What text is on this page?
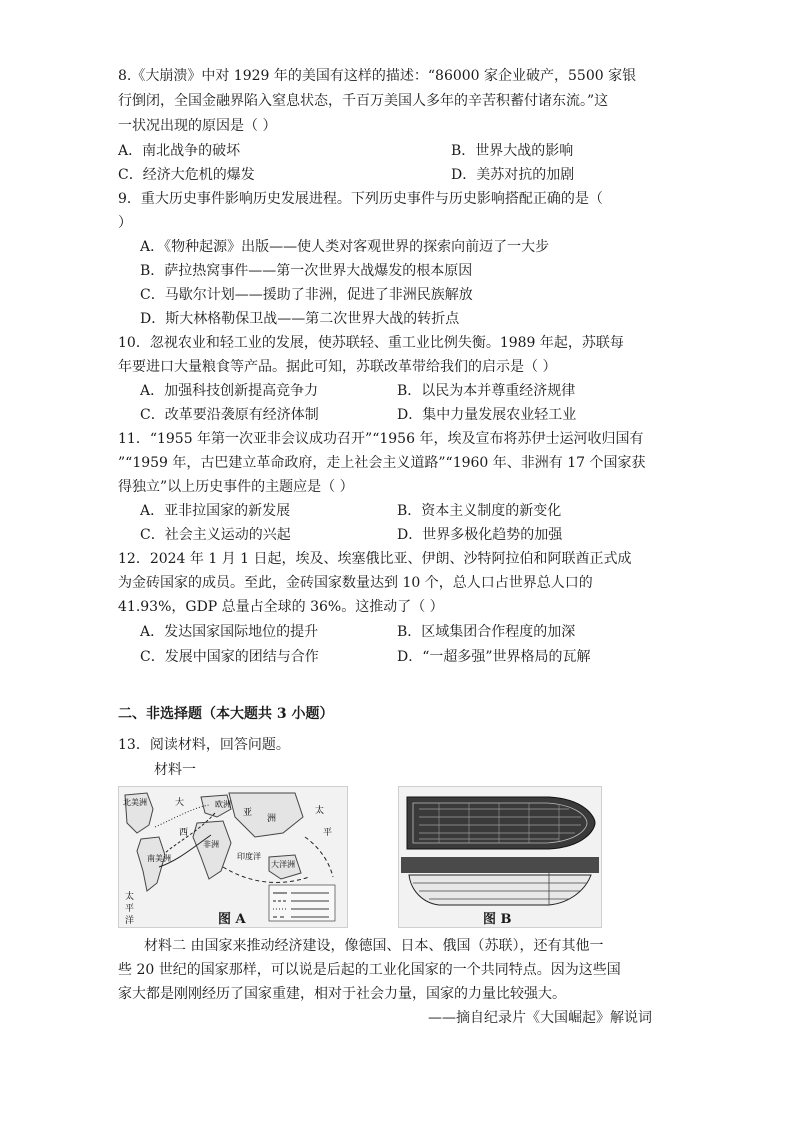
8.《大崩溃》中对 1929 年的美国有这样的描述：“86000 家企业破产，5500 家银
行倒闭，全国金融界陷入窒息状态，千百万美国人多年的辛苦积蓄付诸东流。”这
一状况出现的原因是（ ）
A．南北战争的破坏	B．世界大战的影响
C．经济大危机的爆发	D．美苏对抗的加剧
9．重大历史事件影响历史发展进程。下列历史事件与历史影响搭配正确的是（
）
A．《物种起源》出版——使人类对客观世界的探索向前迈了一大步
B．萨拉热窝事件——第一次世界大战爆发的根本原因
C．马歇尔计划——援助了非洲，促进了非洲民族解放
D．斯大林格勒保卫战——第二次世界大战的转折点
10．忽视农业和轻工业的发展，使苏联轻、重工业比例失衡。1989 年起，苏联每
年要进口大量粮食等产品。据此可知，苏联改革带给我们的启示是（ ）
A．加强科技创新提高竞争力	B．以民为本并尊重经济规律
C．改革要沿袭原有经济体制	D．集中力量发展农业轻工业
11．“1955 年第一次亚非会议成功召开”“1956 年，埃及宣布将苏伊士运河收归国有
”“1959 年，古巴建立革命政府，走上社会主义道路”“1960 年、非洲有 17 个国家获
得独立”以上历史事件的主题应是（ ）
A．亚非拉国家的新发展	B．资本主义制度的新变化
C．社会主义运动的兴起	D．世界多极化趋势的加强
12．2024 年 1 月 1 日起，埃及、埃塞俄比亚、伊朗、沙特阿拉伯和阿联酋正式成
为金砖国家的成员。至此，金砖国家数量达到 10 个，总人口占世界总人口的
41.93%，GDP 总量占全球的 36%。这推动了（ ）
A．发达国家国际地位的提升	B．区域集团合作程度的加深
C．发展中国家的团结与合作	D．“一超多强”世界格局的瓦解
二、非选择题（本大题共 3 小题）
13．阅读材料，回答问题。
材料一
北美洲	大
西
欧洲
亚
洲
非洲
南美洲	印度洋
大洋洲
太
平
太
平
洋	图 A	图 B
材料二 由国家来推动经济建设，像德国、日本、俄国（苏联），还有其他一
些 20 世纪的国家那样，可以说是后起的工业化国家的一个共同特点。因为这些国
家大都是刚刚经历了国家重建，相对于社会力量，国家的力量比较强大。
——摘自纪录片《大国崛起》解说词
